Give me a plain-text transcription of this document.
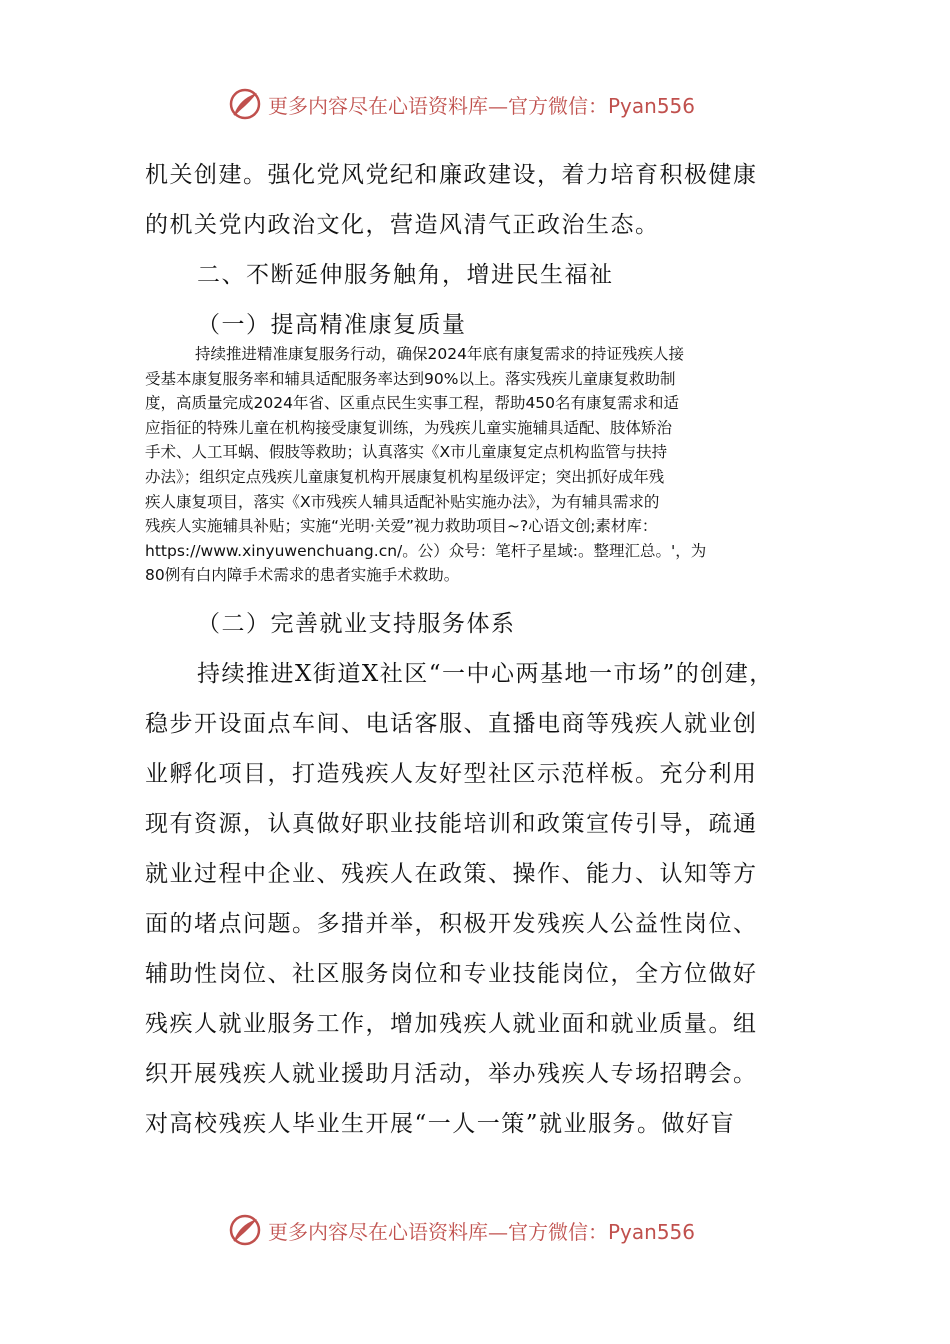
更多内容尽在心语资料库—官方微信：Pyan556
机关创建。强化党风党纪和廉政建设，着力培育积极健康
的机关党内政治文化，营造风清气正政治生态。
二、不断延伸服务触角，增进民生福祉
（一）提高精准康复质量
持续推进精准康复服务行动，确保2024年底有康复需求的持证残疾人接
受基本康复服务率和辅具适配服务率达到90%以上。落实残疾儿童康复救助制
度，高质量完成2024年省、区重点民生实事工程，帮助450名有康复需求和适
应指征的特殊儿童在机构接受康复训练，为残疾儿童实施辅具适配、肢体矫治
手术、人工耳蜗、假肢等救助；认真落实《X市儿童康复定点机构监管与扶持
办法》；组织定点残疾儿童康复机构开展康复机构星级评定；突出抓好成年残
疾人康复项目，落实《X市残疾人辅具适配补贴实施办法》，为有辅具需求的
残疾人实施辅具补贴；实施“光明·关爱”视力救助项目~?心语文创;素材库：
https://www.xinyuwenchuang.cn/。公）众号：笔杆子星域:。整理汇总。'，为
80例有白内障手术需求的患者实施手术救助。
（二）完善就业支持服务体系
持续推进X街道X社区“一中心两基地一市场”的创建，
稳步开设面点车间、电话客服、直播电商等残疾人就业创
业孵化项目，打造残疾人友好型社区示范样板。充分利用
现有资源，认真做好职业技能培训和政策宣传引导，疏通
就业过程中企业、残疾人在政策、操作、能力、认知等方
面的堵点问题。多措并举，积极开发残疾人公益性岗位、
辅助性岗位、社区服务岗位和专业技能岗位，全方位做好
残疾人就业服务工作，增加残疾人就业面和就业质量。组
织开展残疾人就业援助月活动，举办残疾人专场招聘会。
对高校残疾人毕业生开展“一人一策”就业服务。做好盲
更多内容尽在心语资料库—官方微信：Pyan556
